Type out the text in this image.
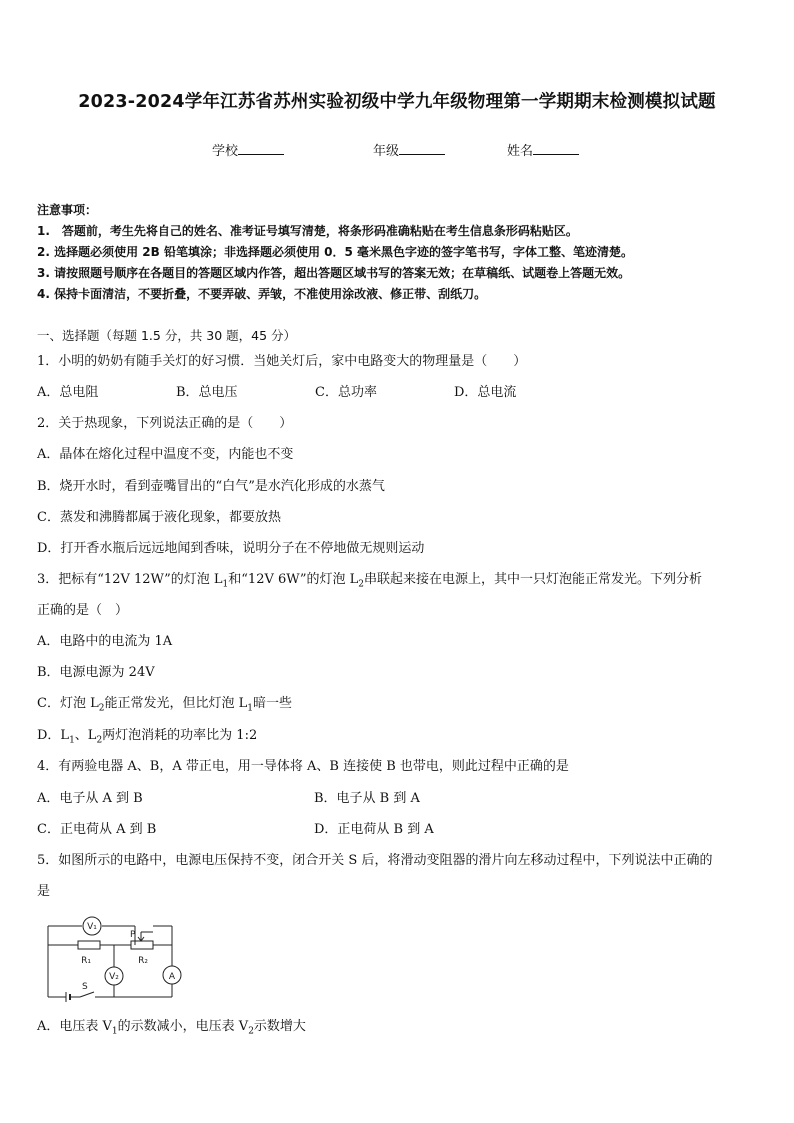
2023-2024学年江苏省苏州实验初级中学九年级物理第一学期期末检测模拟试题
学校	年级	姓名
注意事项：
1.　答题前，考生先将自己的姓名、准考证号填写清楚，将条形码准确粘贴在考生信息条形码粘贴区。
2. 选择题必须使用 2B 铅笔填涂；非选择题必须使用 0．5 毫米黑色字迹的签字笔书写，字体工整、笔迹清楚。
3. 请按照题号顺序在各题目的答题区域内作答，超出答题区域书写的答案无效；在草稿纸、试题卷上答题无效。
4. 保持卡面清洁，不要折叠，不要弄破、弄皱，不准使用涂改液、修正带、刮纸刀。
一、选择题（每题 1.5 分，共 30 题，45 分）
1．小明的奶奶有随手关灯的好习惯．当她关灯后，家中电路变大的物理量是（　　）
A．总电阻	B．总电压	C．总功率	D．总电流
2．关于热现象，下列说法正确的是（　　）
A．晶体在熔化过程中温度不变，内能也不变
B．烧开水时，看到壶嘴冒出的“白气”是水汽化形成的水蒸气
C．蒸发和沸腾都属于液化现象，都要放热
D．打开香水瓶后远远地闻到香味，说明分子在不停地做无规则运动
3．把标有“12V 12W”的灯泡 $L_1$和“12V 6W”的灯泡 $L_2$串联起来接在电源上，其中一只灯泡能正常发光。下列分析
正确的是（　）
A．电路中的电流为 1A
B．电源电源为 24V
C．灯泡 $L_2$能正常发光，但比灯泡 $L_1$暗一些
D．$L_1$、$L_2$两灯泡消耗的功率比为 1:2
4．有两验电器 A、B，A 带正电，用一导体将 A、B 连接使 B 也带电，则此过程中正确的是
A．电子从 A 到 B	B．电子从 B 到 A
C．正电荷从 A 到 B	D．正电荷从 B 到 A
5．如图所示的电路中，电源电压保持不变，闭合开关 S 后，将滑动变阻器的滑片向左移动过程中，下列说法中正确的
是
V₁
R₁	R₂
P
A
V₂
S
A．电压表 $V_1$的示数减小，电压表 $V_2$示数增大
